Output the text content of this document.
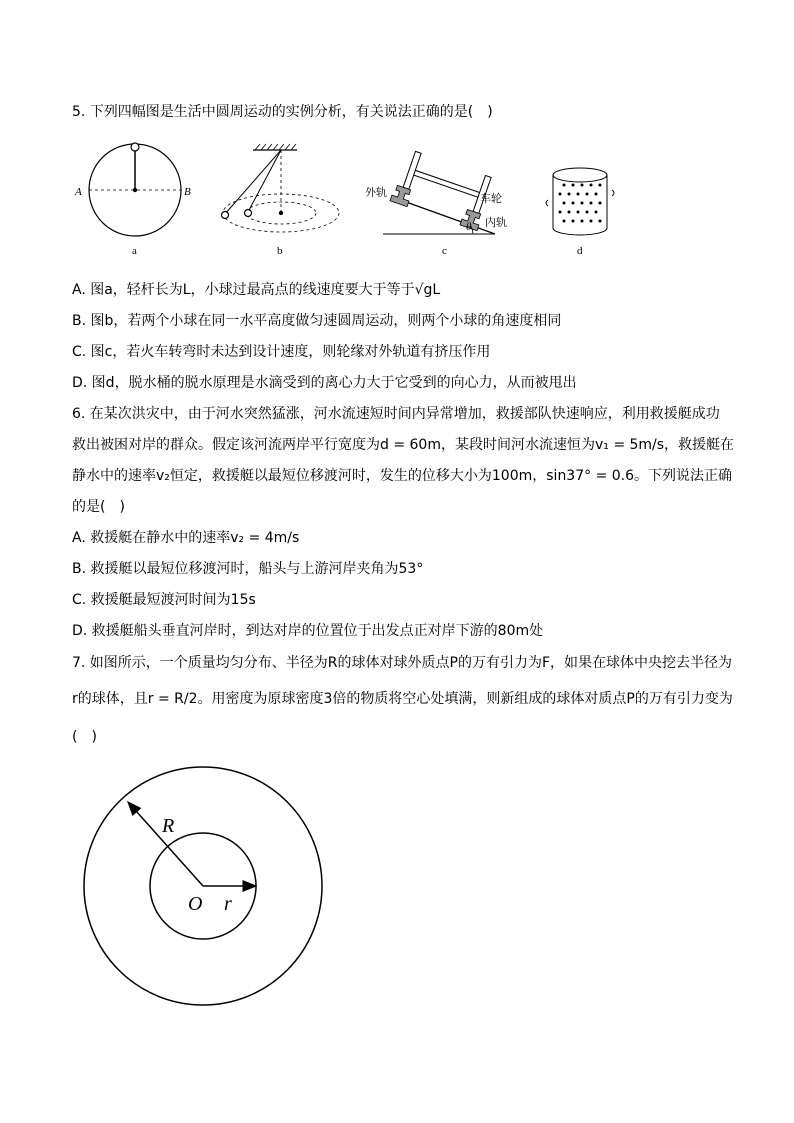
5. 下列四幅图是生活中圆周运动的实例分析，有关说法正确的是(　)
A	B
a	b
θ
外轨	车轮
内轨
c	d
A. 图a，轻杆长为L，小球过最高点的线速度要大于等于√gL
B. 图b，若两个小球在同一水平高度做匀速圆周运动，则两个小球的角速度相同
C. 图c，若火车转弯时未达到设计速度，则轮缘对外轨道有挤压作用
D. 图d，脱水桶的脱水原理是水滴受到的离心力大于它受到的向心力，从而被甩出
6. 在某次洪灾中，由于河水突然猛涨，河水流速短时间内异常增加，救援部队快速响应，利用救援艇成功
救出被困对岸的群众。假定该河流两岸平行宽度为d = 60m，某段时间河水流速恒为v₁ = 5m/s，救援艇在
静水中的速率v₂恒定，救援艇以最短位移渡河时，发生的位移大小为100m，sin37° = 0.6。下列说法正确
的是(　)
A. 救援艇在静水中的速率v₂ = 4m/s
B. 救援艇以最短位移渡河时，船头与上游河岸夹角为53°
C. 救援艇最短渡河时间为15s
D. 救援艇船头垂直河岸时，到达对岸的位置位于出发点正对岸下游的80m处
7. 如图所示，一个质量均匀分布、半径为R的球体对球外质点P的万有引力为F，如果在球体中央挖去半径为
r的球体，且r = R/2。用密度为原球密度3倍的物质将空心处填满，则新组成的球体对质点P的万有引力变为
(　)
R
O r
